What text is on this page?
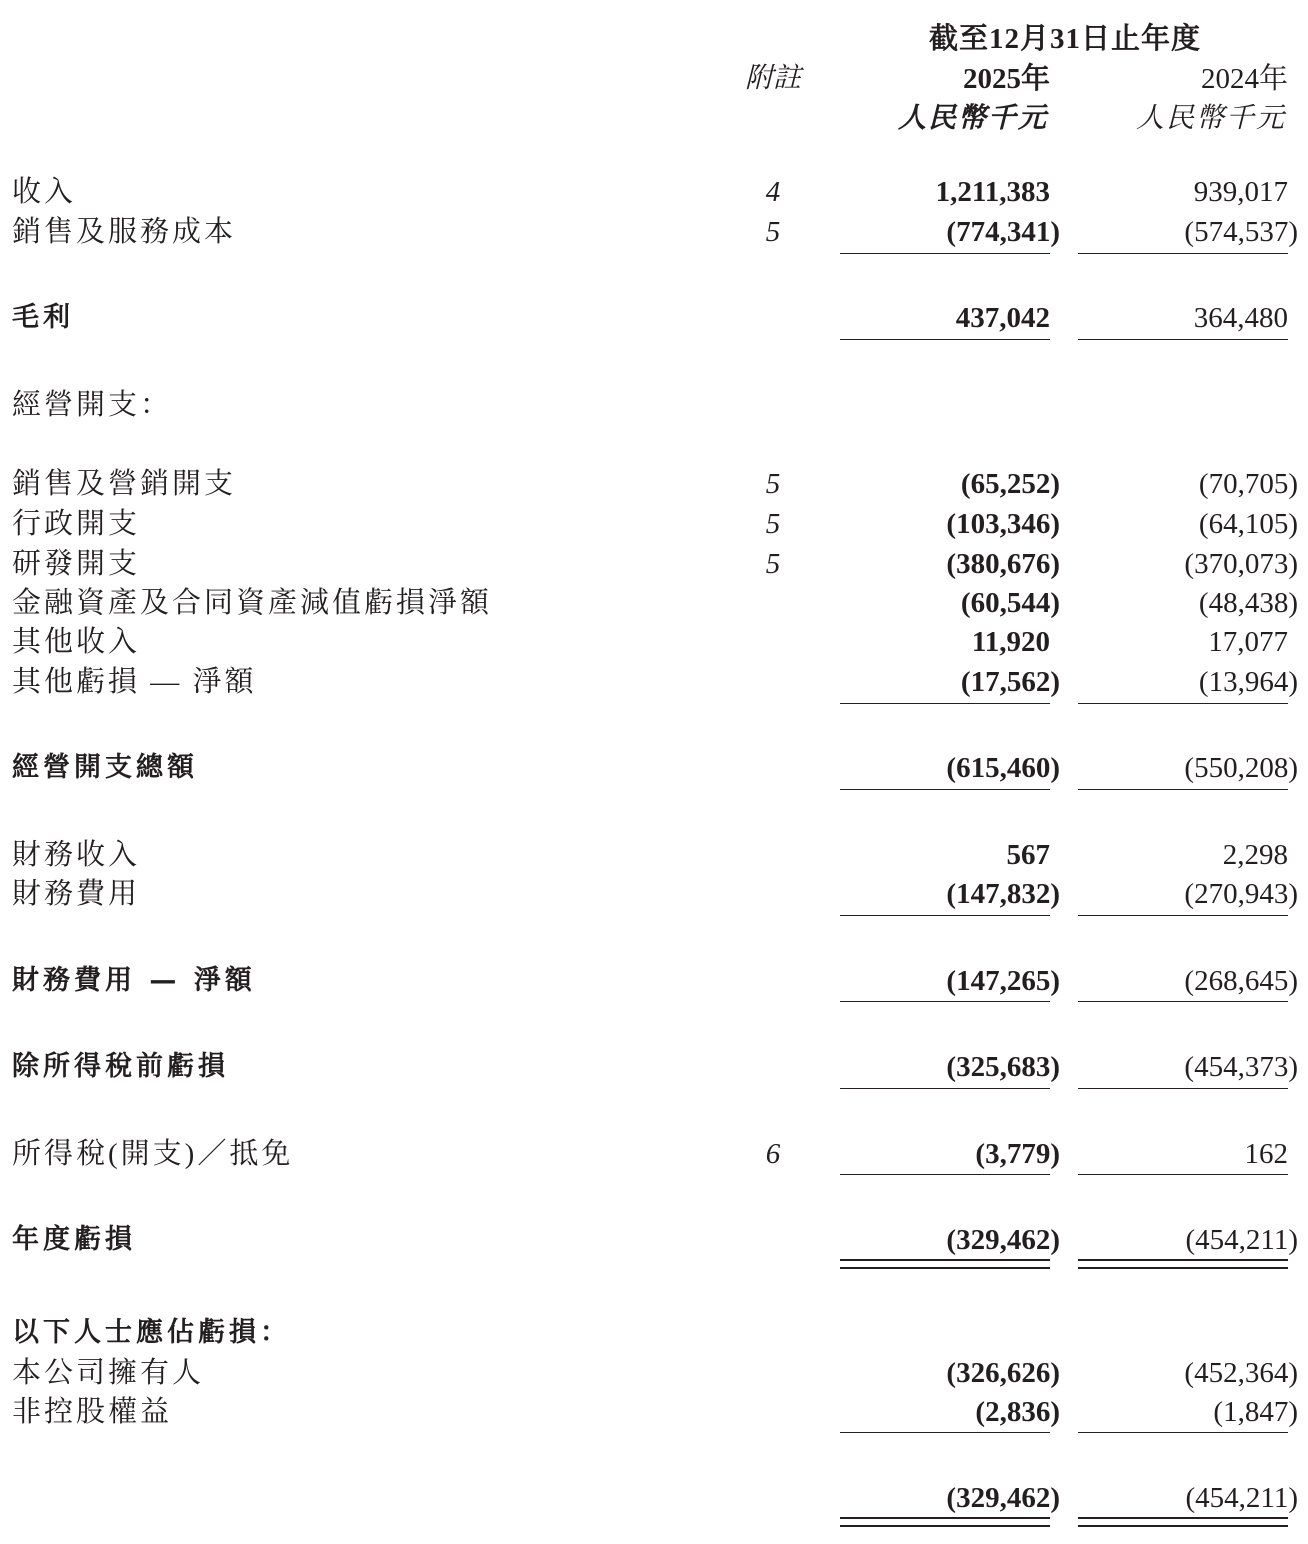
截至12月31日止年度
附註	2025年	2024年
人民幣千元	人民幣千元
收入	4	1,211,383	939,017
銷售及服務成本	5	(774,341)	(574,537)
毛利	437,042	364,480
經營開支：
銷售及營銷開支	5	(65,252)	(70,705)
行政開支	5	(103,346)	(64,105)
研發開支	5	(380,676)	(370,073)
金融資產及合同資產減值虧損淨額	(60,544)	(48,438)
其他收入	11,920	17,077
其他虧損 — 淨額	(17,562)	(13,964)
經營開支總額	(615,460)	(550,208)
財務收入	567	2,298
財務費用	(147,832)	(270,943)
財務費用 — 淨額	(147,265)	(268,645)
除所得稅前虧損	(325,683)	(454,373)
所得稅(開支)／抵免	6	(3,779)	162
年度虧損	(329,462)	(454,211)
以下人士應佔虧損：
本公司擁有人	(326,626)	(452,364)
非控股權益	(2,836)	(1,847)
(329,462)	(454,211)
